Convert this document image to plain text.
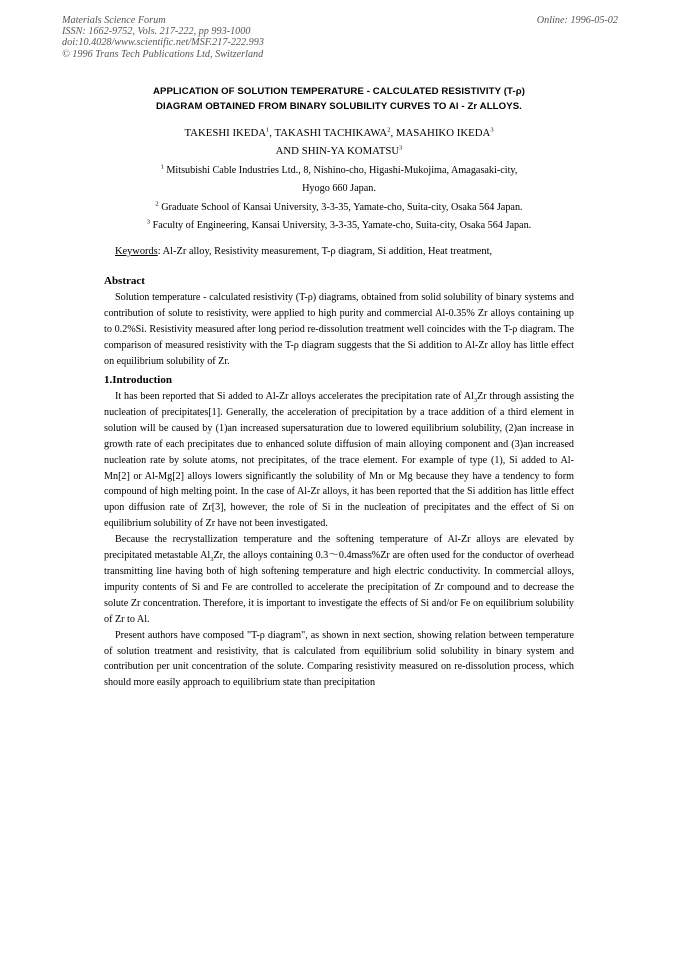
Materials Science Forum
ISSN: 1662-9752, Vols. 217-222, pp 993-1000
doi:10.4028/www.scientific.net/MSF.217-222.993
© 1996 Trans Tech Publications Ltd, Switzerland
Online: 1996-05-02
APPLICATION OF SOLUTION TEMPERATURE - CALCULATED RESISTIVITY (T-ρ)
DIAGRAM OBTAINED FROM BINARY SOLUBILITY CURVES TO Al - Zr ALLOYS.
TAKESHI IKEDA$^1$, TAKASHI TACHIKAWA$^2$, MASAHIKO IKEDA$^3$
AND SHIN-YA KOMATSU$^3$
$^1$ Mitsubishi Cable Industries Ltd., 8, Nishino-cho, Higashi-Mukojima, Amagasaki-city,
Hyogo 660 Japan.
$^2$ Graduate School of Kansai University, 3-3-35, Yamate-cho, Suita-city, Osaka 564 Japan.
$^3$ Faculty of Engineering, Kansai University, 3-3-35, Yamate-cho, Suita-city, Osaka 564 Japan.
Keywords: Al-Zr alloy, Resistivity measurement, T-ρ diagram, Si addition, Heat treatment,
Abstract

Solution temperature - calculated resistivity (T-ρ) diagrams, obtained from solid solubility of binary systems and contribution of solute to resistivity, were applied to high purity and commercial Al-0.35% Zr alloys containing up to 0.2%Si. Resistivity measured after long period re-dissolution treatment well coincides with the T-ρ diagram. The comparison of measured resistivity with the T-ρ diagram suggests that the Si addition to Al-Zr alloy has little effect on equilibrium solubility of Zr.

1.Introduction

It has been reported that Si added to Al-Zr alloys accelerates the precipitation rate of $Al_3Zr$ through assisting the nucleation of precipitates[1]. Generally, the acceleration of precipitation by a trace addition of a third element in solution will be caused by (1)an increased supersaturation due to lowered equilibrium solubility, (2)an increase in growth rate of each precipitates due to enhanced solute diffusion of main alloying component and (3)an increased nucleation rate by solute atoms, not precipitates, of the trace element. For example of type (1), Si added to Al-Mn[2] or Al-Mg[2] alloys lowers significantly the solubility of Mn or Mg because they have a tendency to form compound of high melting point. In the case of Al-Zr alloys, it has been reported that the Si addition has little effect upon diffusion rate of Zr[3], however, the role of Si in the nucleation of precipitates and the effect of Si on equilibrium solubility of Zr have not been investigated.

Because the recrystallization temperature and the softening temperature of Al-Zr alloys are elevated by precipitated metastable $Al_3Zr$, the alloys containing 0.3～0.4mass%Zr are often used for the conductor of overhead transmitting line having both of high softening temperature and high electric conductivity. In commercial alloys, impurity contents of Si and Fe are controlled to accelerate the precipitation of Zr compound and to decrease the solute Zr concentration. Therefore, it is important to investigate the effects of Si and/or Fe on equilibrium solubility of Zr to Al.

Present authors have composed "T-ρ diagram", as shown in next section, showing relation between temperature of solution treatment and resistivity, that is calculated from equilibrium solid solubility in binary system and contribution per unit concentration of the solute. Comparing resistivity measured on re-dissolution process, which should more easily approach to equilibrium state than precipitation
